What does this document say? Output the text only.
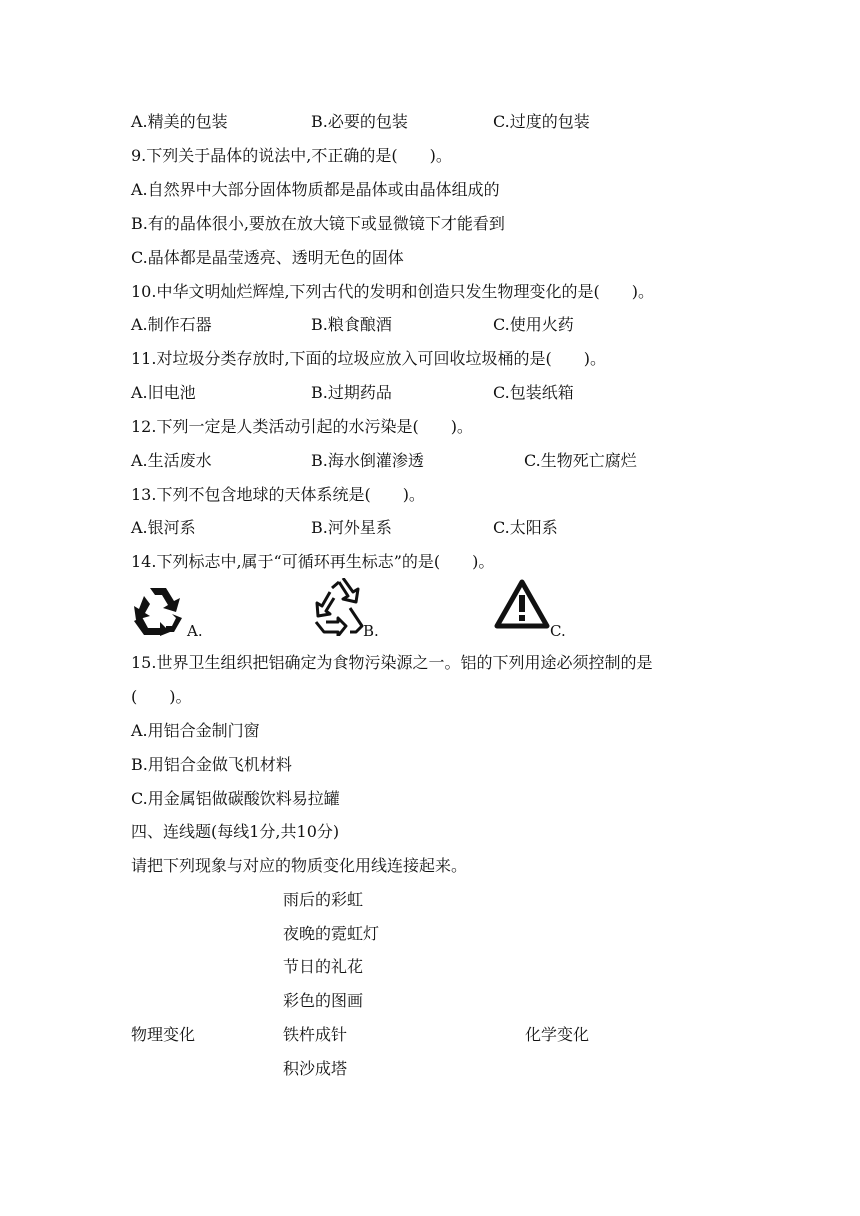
A.精美的包装	B.必要的包装	C.过度的包装
9.下列关于晶体的说法中,不正确的是(　　)。
A.自然界中大部分固体物质都是晶体或由晶体组成的
B.有的晶体很小,要放在放大镜下或显微镜下才能看到
C.晶体都是晶莹透亮、透明无色的固体
10.中华文明灿烂辉煌,下列古代的发明和创造只发生物理变化的是(　　)。
A.制作石器	B.粮食酿酒	C.使用火药
11.对垃圾分类存放时,下面的垃圾应放入可回收垃圾桶的是(　　)。
A.旧电池	B.过期药品	C.包装纸箱
12.下列一定是人类活动引起的水污染是(　　)。
A.生活废水	B.海水倒灌渗透	C.生物死亡腐烂
13.下列不包含地球的天体系统是(　　)。
A.银河系	B.河外星系	C.太阳系
14.下列标志中,属于“可循环再生标志”的是(　　)。
A.	B.	C.
15.世界卫生组织把铝确定为食物污染源之一。铝的下列用途必须控制的是
(　　)。
A.用铝合金制门窗
B.用铝合金做飞机材料
C.用金属铝做碳酸饮料易拉罐
四、连线题(每线1分,共10分)
请把下列现象与对应的物质变化用线连接起来。
雨后的彩虹
夜晚的霓虹灯
节日的礼花
彩色的图画
物理变化	铁杵成针	化学变化
积沙成塔
